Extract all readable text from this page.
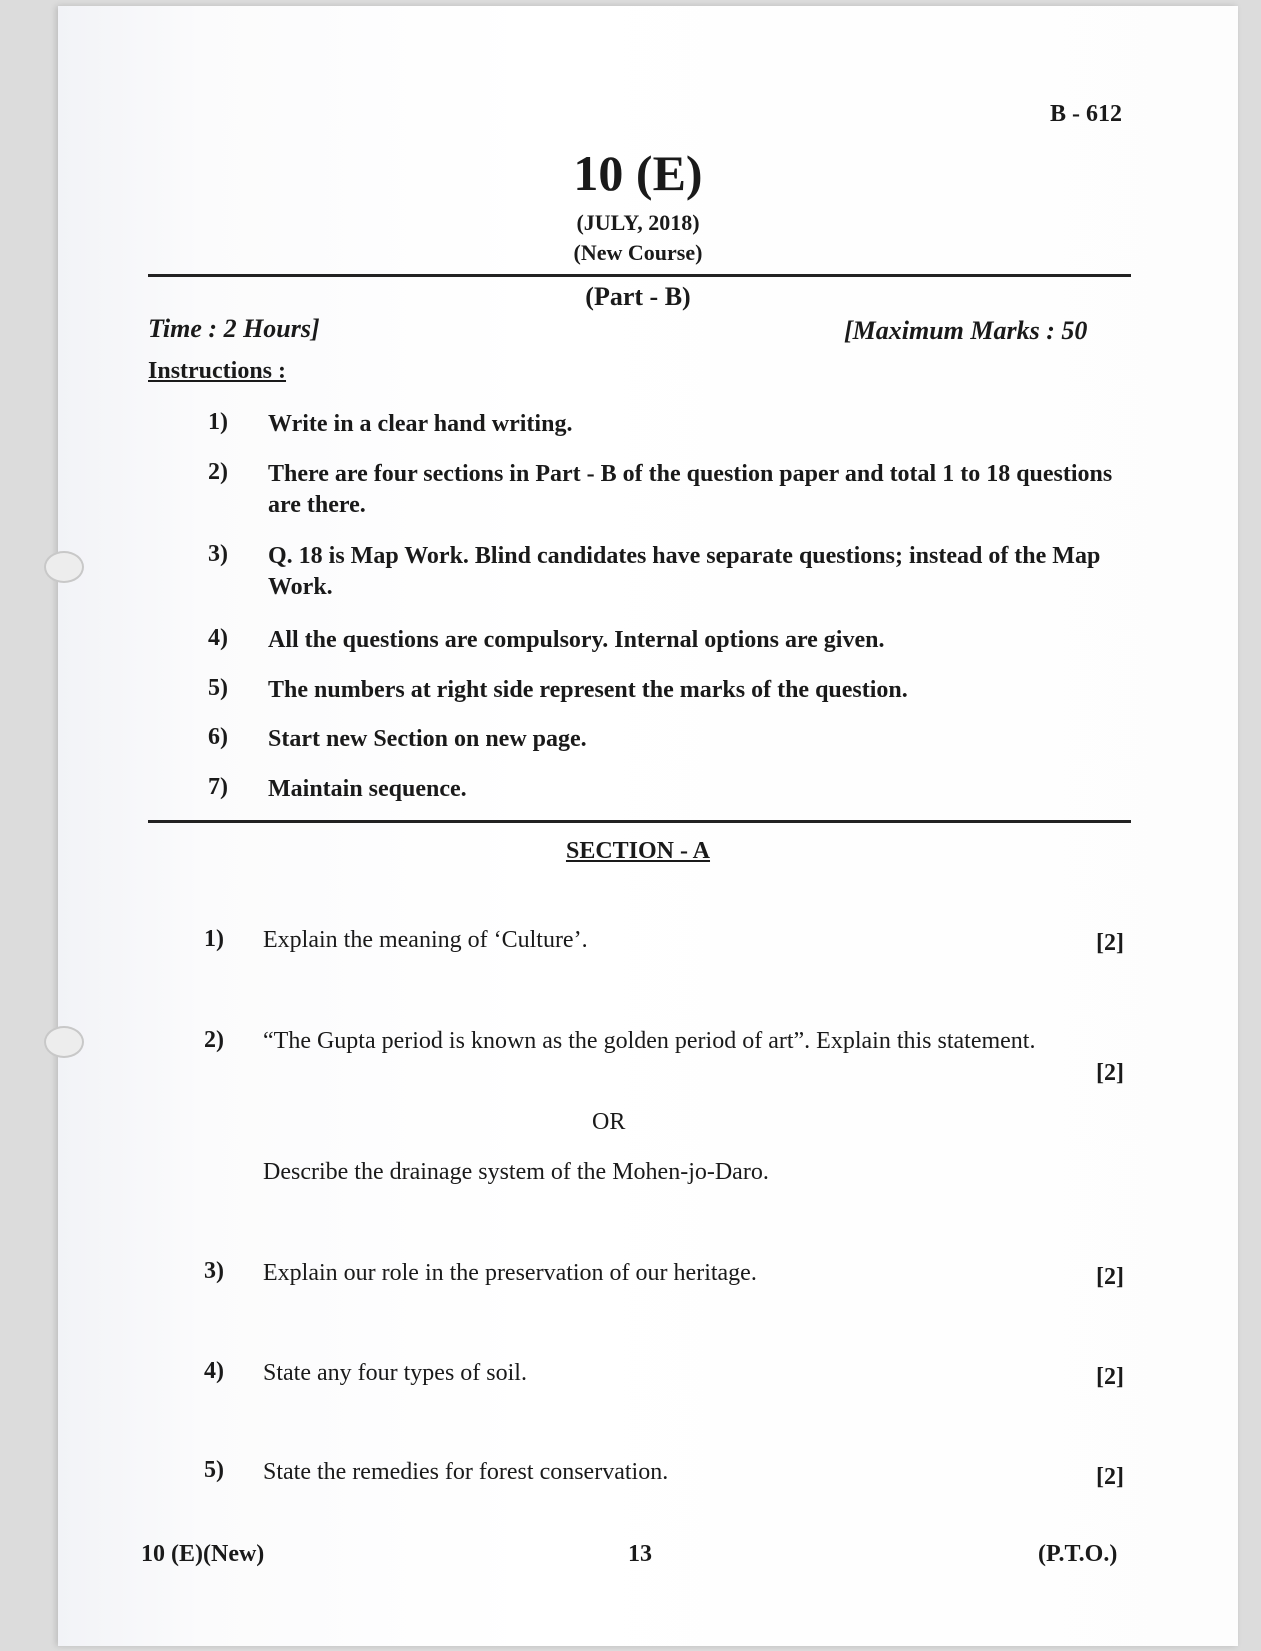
B - 612
10 (E)
(JULY, 2018)
(New Course)
(Part - B)
Time : 2 Hours]	[Maximum Marks : 50
Instructions :
1)	Write in a clear hand writing.
2)	There are four sections in Part - B of the question paper and total 1 to 18 questions are there.
3)	Q. 18 is Map Work. Blind candidates have separate questions; instead of the Map Work.
4)	All the questions are compulsory. Internal options are given.
5)	The numbers at right side represent the marks of the question.
6)	Start new Section on new page.
7)	Maintain sequence.
SECTION - A
1)	Explain the meaning of ‘Culture’.	[2]
2)	“The Gupta period is known as the golden period of art”. Explain this statement.
[2]
OR
Describe the drainage system of the Mohen-jo-Daro.
3)	Explain our role in the preservation of our heritage.	[2]
4)	State any four types of soil.	[2]
5)	State the remedies for forest conservation.	[2]
10 (E)(New)	13	(P.T.O.)
